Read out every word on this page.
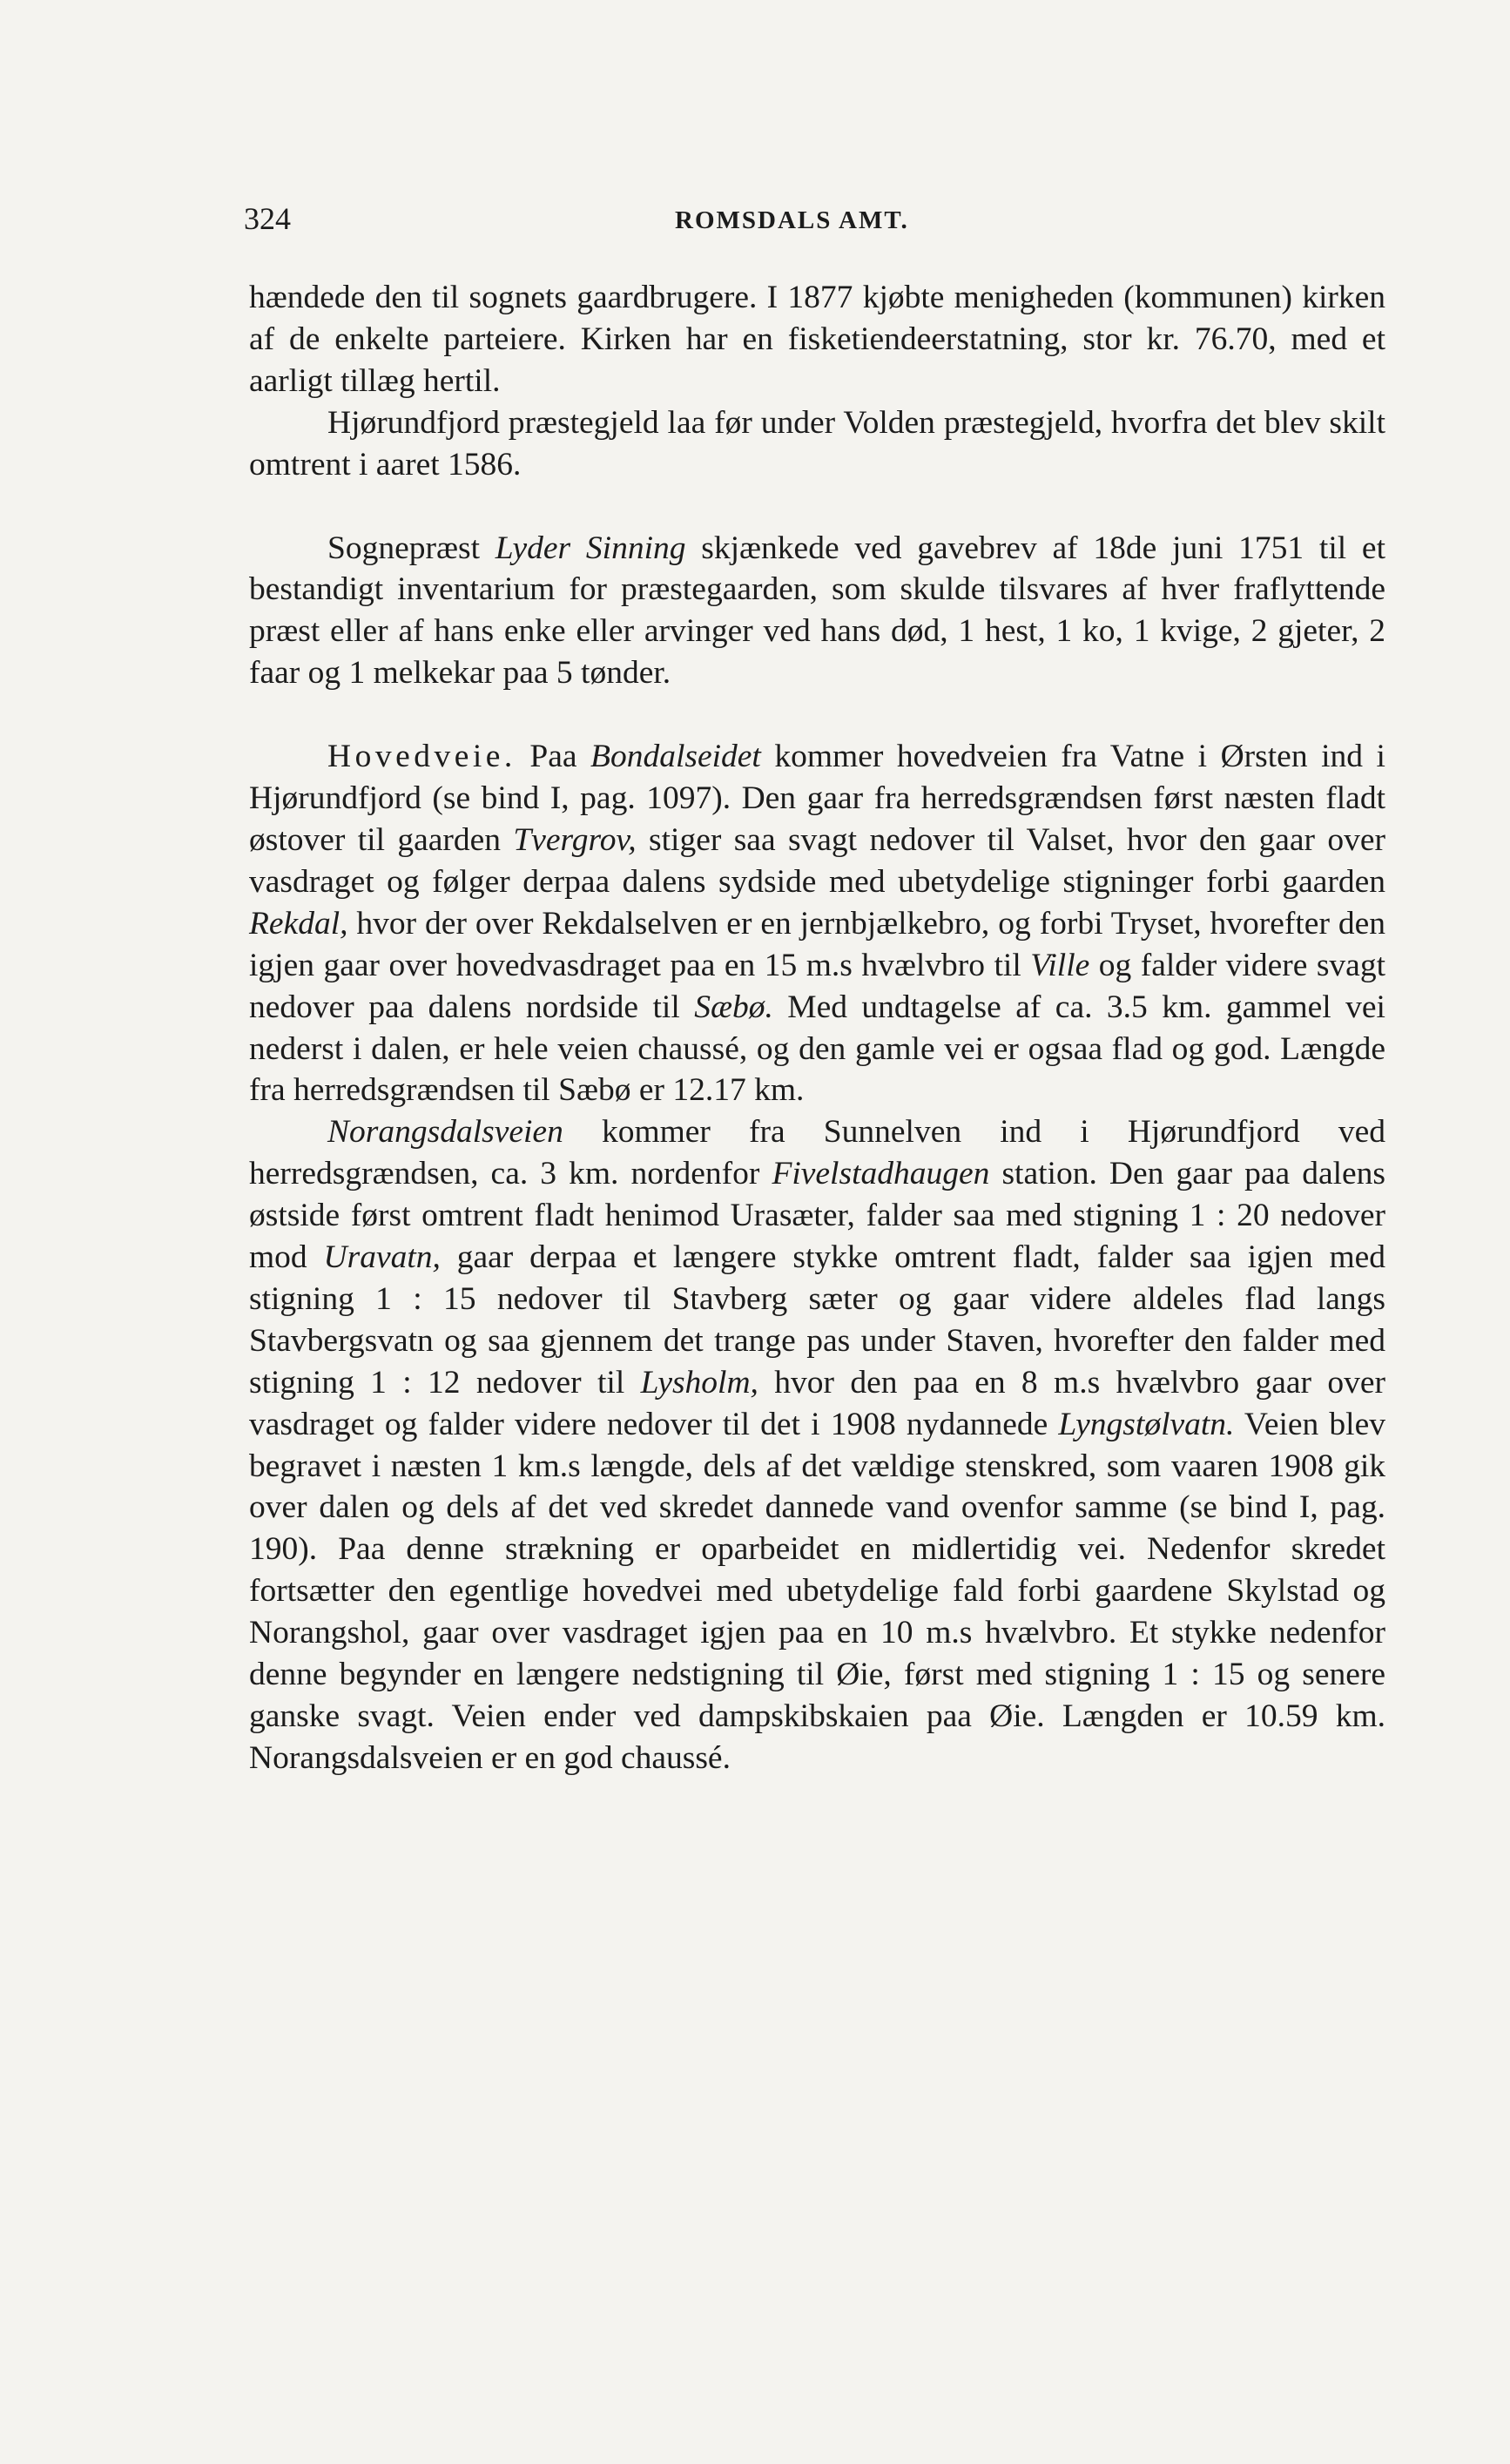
324	ROMSDALS AMT.

hændede den til sognets gaardbrugere. I 1877 kjøbte menigheden (kommunen) kirken af de enkelte parteiere. Kirken har en fisketiendeerstatning, stor kr. 76.70, med et aarligt tillæg hertil.

Hjørundfjord præstegjeld laa før under Volden præstegjeld, hvorfra det blev skilt omtrent i aaret 1586.

Sognepræst Lyder Sinning skjænkede ved gavebrev af 18de juni 1751 til et bestandigt inventarium for præstegaarden, som skulde tilsvares af hver fraflyttende præst eller af hans enke eller arvinger ved hans død, 1 hest, 1 ko, 1 kvige, 2 gjeter, 2 faar og 1 melkekar paa 5 tønder.

Hovedveie. Paa Bondalseidet kommer hovedveien fra Vatne i Ørsten ind i Hjørundfjord (se bind I, pag. 1097). Den gaar fra herredsgrændsen først næsten fladt østover til gaarden Tvergrov, stiger saa svagt nedover til Valset, hvor den gaar over vasdraget og følger derpaa dalens sydside med ubetydelige stigninger forbi gaarden Rekdal, hvor der over Rekdalselven er en jernbjælkebro, og forbi Tryset, hvorefter den igjen gaar over hovedvasdraget paa en 15 m.s hvælvbro til Ville og falder videre svagt nedover paa dalens nordside til Sæbø. Med undtagelse af ca. 3.5 km. gammel vei nederst i dalen, er hele veien chaussé, og den gamle vei er ogsaa flad og god. Længde fra herredsgrændsen til Sæbø er 12.17 km.

Norangsdalsveien kommer fra Sunnelven ind i Hjørundfjord ved herredsgrændsen, ca. 3 km. nordenfor Fivelstadhaugen station. Den gaar paa dalens østside først omtrent fladt henimod Urasæter, falder saa med stigning 1 : 20 nedover mod Uravatn, gaar derpaa et længere stykke omtrent fladt, falder saa igjen med stigning 1 : 15 nedover til Stavberg sæter og gaar videre aldeles flad langs Stavbergsvatn og saa gjennem det trange pas under Staven, hvorefter den falder med stigning 1 : 12 nedover til Lysholm, hvor den paa en 8 m.s hvælvbro gaar over vasdraget og falder videre nedover til det i 1908 nydannede Lyngstølvatn. Veien blev begravet i næsten 1 km.s længde, dels af det vældige stenskred, som vaaren 1908 gik over dalen og dels af det ved skredet dannede vand ovenfor samme (se bind I, pag. 190). Paa denne strækning er oparbeidet en midlertidig vei. Nedenfor skredet fortsætter den egentlige hovedvei med ubetydelige fald forbi gaardene Skylstad og Norangshol, gaar over vasdraget igjen paa en 10 m.s hvælvbro. Et stykke nedenfor denne begynder en længere nedstigning til Øie, først med stigning 1 : 15 og senere ganske svagt. Veien ender ved dampskibskaien paa Øie. Længden er 10.59 km. Norangsdalsveien er en god chaussé.
